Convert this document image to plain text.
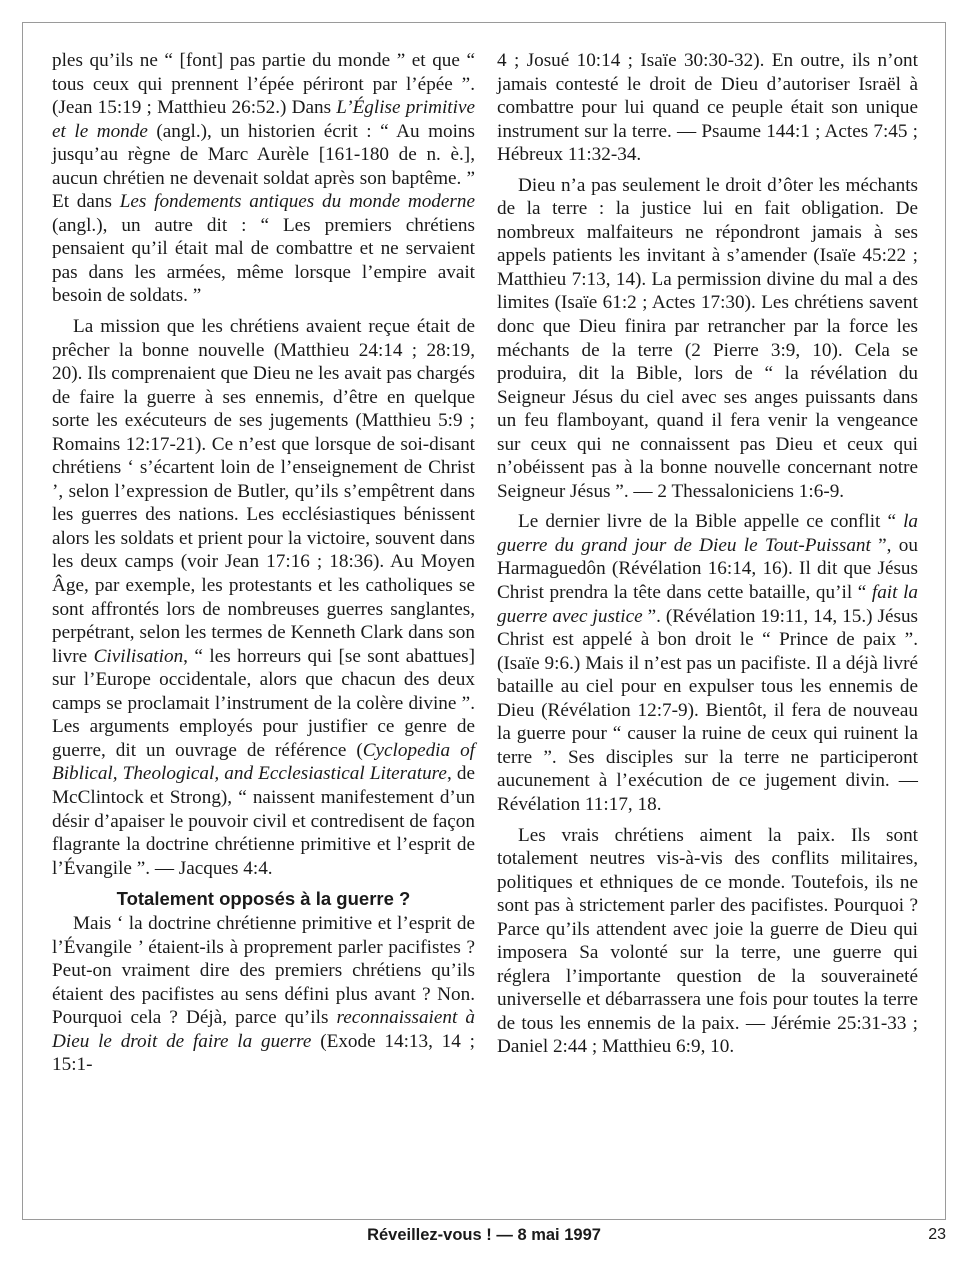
ples qu’ils ne “ [font] pas partie du monde ” et que “ tous ceux qui prennent l’épée périront par l’épée ”. (Jean 15:19 ; Matthieu 26:52.) Dans L’Église primitive et le monde (angl.), un historien écrit : “ Au moins jusqu’au règne de Marc Aurèle [161-180 de n. è.], aucun chrétien ne devenait soldat après son baptême. ” Et dans Les fondements antiques du monde moderne (angl.), un autre dit : “ Les premiers chrétiens pensaient qu’il était mal de combattre et ne servaient pas dans les armées, même lorsque l’empire avait besoin de soldats. ”

La mission que les chrétiens avaient reçue était de prêcher la bonne nouvelle (Matthieu 24:14 ; 28:19, 20). Ils comprenaient que Dieu ne les avait pas chargés de faire la guerre à ses ennemis, d’être en quelque sorte les exécuteurs de ses jugements (Matthieu 5:9 ; Romains 12:17-21). Ce n’est que lorsque de soi-disant chrétiens ‘ s’écartent loin de l’enseignement de Christ ’, selon l’expression de Butler, qu’ils s’empêtrent dans les guerres des nations. Les ecclésiastiques bénissent alors les soldats et prient pour la victoire, souvent dans les deux camps (voir Jean 17:16 ; 18:36). Au Moyen Âge, par exemple, les protestants et les catholiques se sont affrontés lors de nombreuses guerres sanglantes, perpétrant, selon les termes de Kenneth Clark dans son livre Civilisation, “ les horreurs qui [se sont abattues] sur l’Europe occidentale, alors que chacun des deux camps se proclamait l’instrument de la colère divine ”. Les arguments employés pour justifier ce genre de guerre, dit un ouvrage de référence (Cyclopedia of Biblical, Theological, and Ecclesiastical Literature, de McClintock et Strong), “ naissent manifestement d’un désir d’apaiser le pouvoir civil et contredisent de façon flagrante la doctrine chrétienne primitive et l’esprit de l’Évangile ”. — Jacques 4:4.

Totalement opposés à la guerre ?

Mais ‘ la doctrine chrétienne primitive et l’esprit de l’Évangile ’ étaient-ils à proprement parler pacifistes ? Peut-on vraiment dire des premiers chrétiens qu’ils étaient des pacifistes au sens défini plus avant ? Non. Pourquoi cela ? Déjà, parce qu’ils reconnaissaient à Dieu le droit de faire la guerre (Exode 14:13, 14 ; 15:1-

4 ; Josué 10:14 ; Isaïe 30:30-32). En outre, ils n’ont jamais contesté le droit de Dieu d’autoriser Israël à combattre pour lui quand ce peuple était son unique instrument sur la terre. — Psaume 144:1 ; Actes 7:45 ; Hébreux 11:32-34.

Dieu n’a pas seulement le droit d’ôter les méchants de la terre : la justice lui en fait obligation. De nombreux malfaiteurs ne répondront jamais à ses appels patients les invitant à s’amender (Isaïe 45:22 ; Matthieu 7:13, 14). La permission divine du mal a des limites (Isaïe 61:2 ; Actes 17:30). Les chrétiens savent donc que Dieu finira par retrancher par la force les méchants de la terre (2 Pierre 3:9, 10). Cela se produira, dit la Bible, lors de “ la révélation du Seigneur Jésus du ciel avec ses anges puissants dans un feu flamboyant, quand il fera venir la vengeance sur ceux qui ne connaissent pas Dieu et ceux qui n’obéissent pas à la bonne nouvelle concernant notre Seigneur Jésus ”. — 2 Thessaloniciens 1:6-9.

Le dernier livre de la Bible appelle ce conflit “ la guerre du grand jour de Dieu le Tout-Puissant ”, ou Harmaguedôn (Révélation 16:14, 16). Il dit que Jésus Christ prendra la tête dans cette bataille, qu’il “ fait la guerre avec justice ”. (Révélation 19:11, 14, 15.) Jésus Christ est appelé à bon droit le “ Prince de paix ”. (Isaïe 9:6.) Mais il n’est pas un pacifiste. Il a déjà livré bataille au ciel pour en expulser tous les ennemis de Dieu (Révélation 12:7-9). Bientôt, il fera de nouveau la guerre pour “ causer la ruine de ceux qui ruinent la terre ”. Ses disciples sur la terre ne participeront aucunement à l’exécution de ce jugement divin. — Révélation 11:17, 18.

Les vrais chrétiens aiment la paix. Ils sont totalement neutres vis-à-vis des conflits militaires, politiques et ethniques de ce monde. Toutefois, ils ne sont pas à strictement parler des pacifistes. Pourquoi ? Parce qu’ils attendent avec joie la guerre de Dieu qui imposera Sa volonté sur la terre, une guerre qui réglera l’importante question de la souveraineté universelle et débarrassera une fois pour toutes la terre de tous les ennemis de la paix. — Jérémie 25:31-33 ; Daniel 2:44 ; Matthieu 6:9, 10.

Réveillez-vous ! — 8 mai 1997	23
